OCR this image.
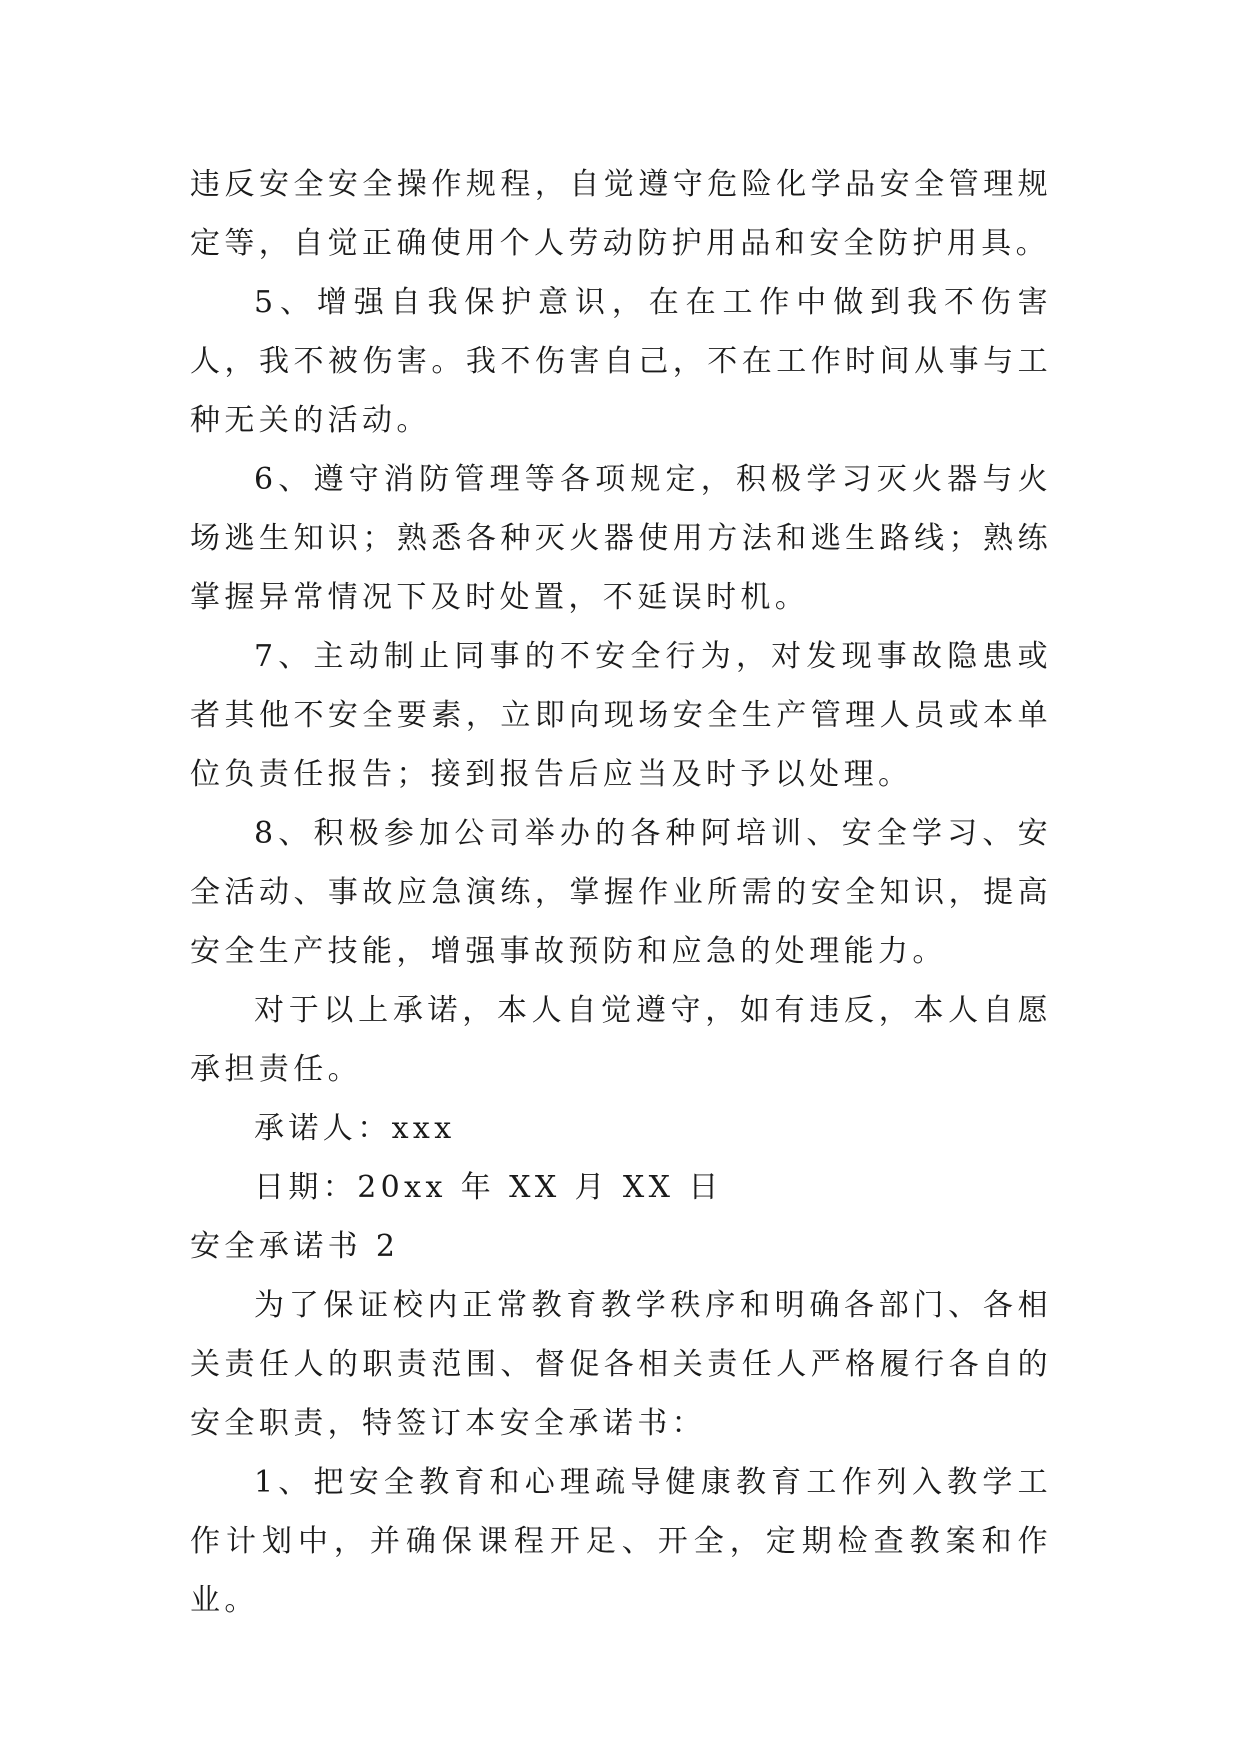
违反安全安全操作规程，自觉遵守危险化学品安全管理规定等，自觉正确使用个人劳动防护用品和安全防护用具。

5、增强自我保护意识，在在工作中做到我不伤害人，我不被伤害。我不伤害自己，不在工作时间从事与工种无关的活动。

6、遵守消防管理等各项规定，积极学习灭火器与火场逃生知识；熟悉各种灭火器使用方法和逃生路线；熟练掌握异常情况下及时处置，不延误时机。

7、主动制止同事的不安全行为，对发现事故隐患或者其他不安全要素，立即向现场安全生产管理人员或本单位负责任报告；接到报告后应当及时予以处理。

8、积极参加公司举办的各种阿培训、安全学习、安全活动、事故应急演练，掌握作业所需的安全知识，提高安全生产技能，增强事故预防和应急的处理能力。

对于以上承诺，本人自觉遵守，如有违反，本人自愿承担责任。

承诺人：xxx

日期：20xx 年 XX 月 XX 日

安全承诺书 2

为了保证校内正常教育教学秩序和明确各部门、各相关责任人的职责范围、督促各相关责任人严格履行各自的安全职责，特签订本安全承诺书：

1、把安全教育和心理疏导健康教育工作列入教学工作计划中，并确保课程开足、开全，定期检查教案和作业。
